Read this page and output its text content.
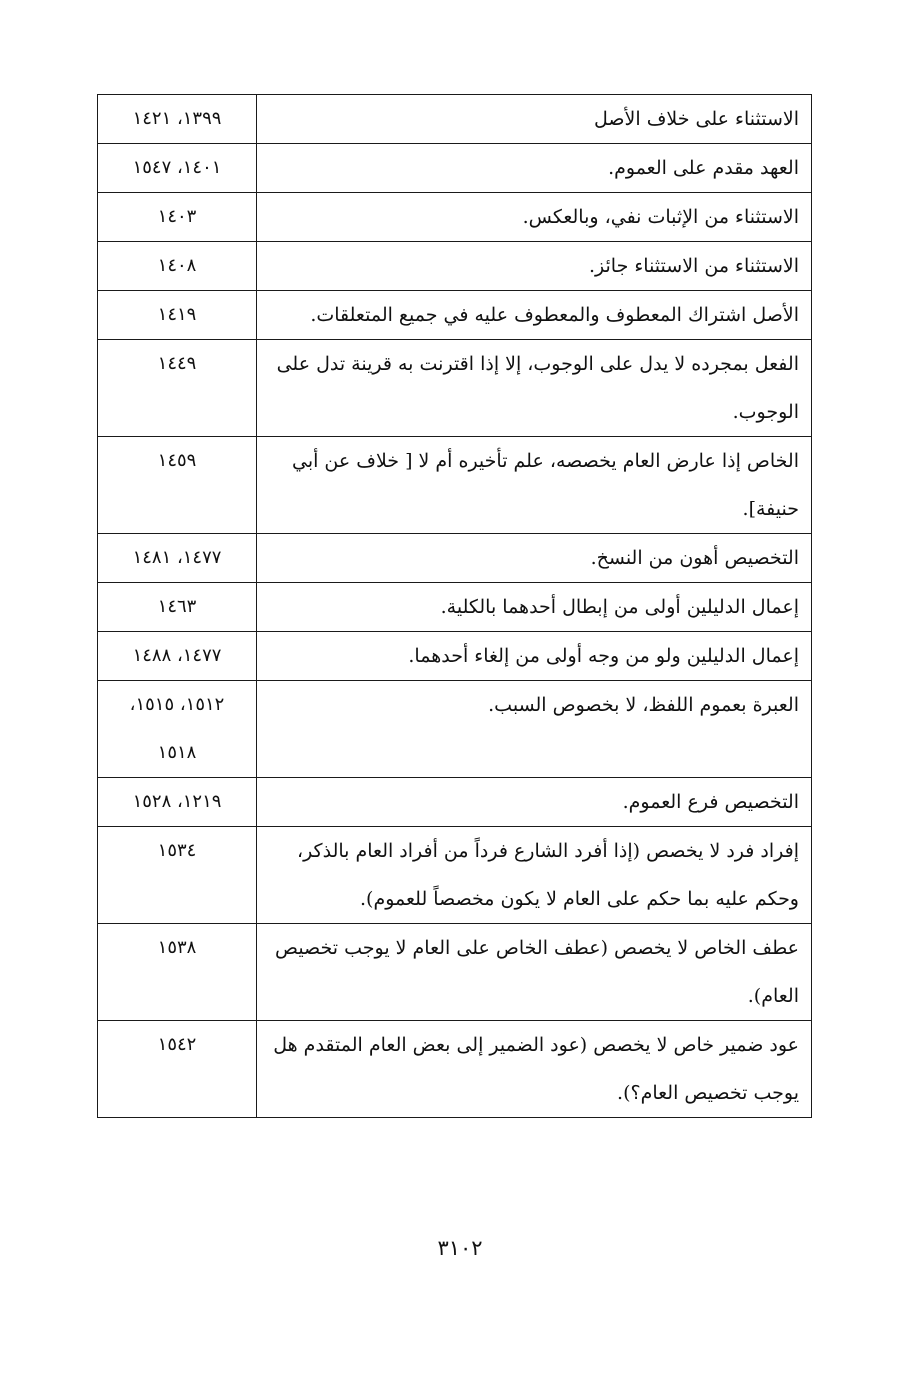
الاستثناء على خلاف الأصل	١٣٩٩، ١٤٢١

العهد مقدم على العموم.	١٤٠١، ١٥٤٧

الاستثناء من الإثبات نفي، وبالعكس.	١٤٠٣

الاستثناء من الاستثناء جائز.	١٤٠٨

الأصل اشتراك المعطوف والمعطوف عليه في جميع المتعلقات.	١٤١٩

الفعل بمجرده لا يدل على الوجوب، إلا إذا اقترنت به قرينة تدل على الوجوب.	١٤٤٩

الخاص إذا عارض العام يخصصه، علم تأخيره أم لا [ خلاف عن أبي حنيفة].	١٤٥٩

التخصيص أهون من النسخ.	١٤٧٧، ١٤٨١

إعمال الدليلين أولى من إبطال أحدهما بالكلية.	١٤٦٣

إعمال الدليلين ولو من وجه أولى من إلغاء أحدهما.	١٤٧٧، ١٤٨٨

العبرة بعموم اللفظ، لا بخصوص السبب.	١٥١٢، ١٥١٥،
١٥١٨

التخصيص فرع العموم.	١٢١٩، ١٥٢٨

إفراد فرد لا يخصص (إذا أفرد الشارع فرداً من أفراد العام بالذكر، وحكم عليه بما حكم على العام لا يكون مخصصاً للعموم).	١٥٣٤

عطف الخاص لا يخصص (عطف الخاص على العام لا يوجب تخصيص العام).	١٥٣٨

عود ضمير خاص لا يخصص (عود الضمير إلى بعض العام المتقدم هل يوجب تخصيص العام؟).	١٥٤٢
٣١٠٢
